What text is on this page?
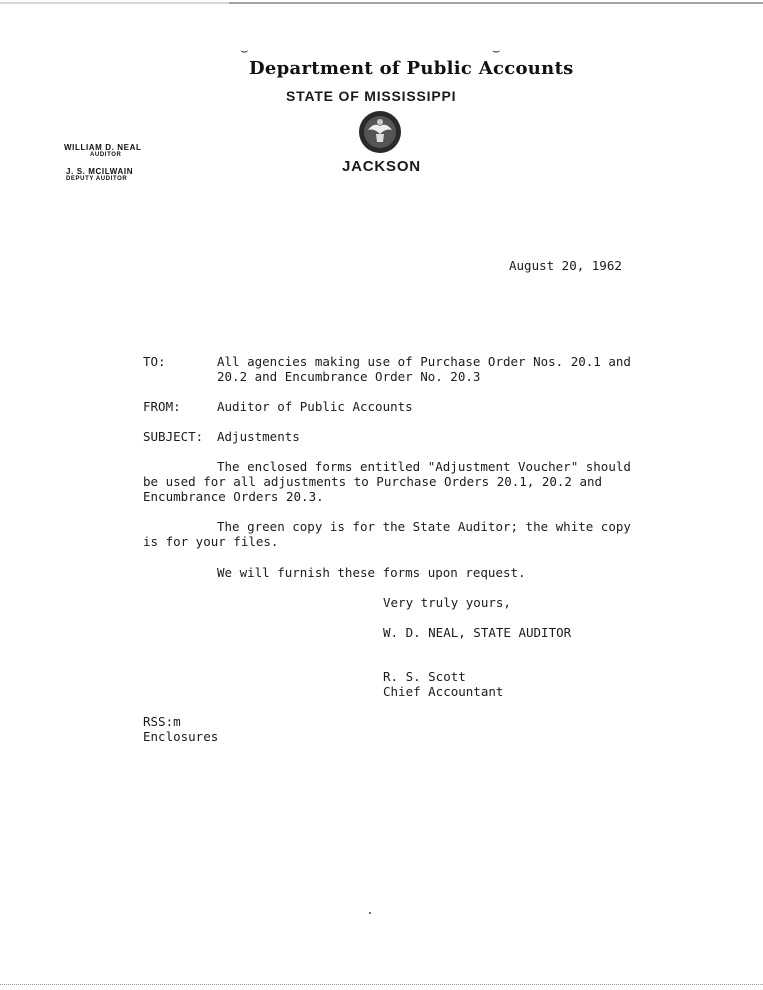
⌣	⌣
Department of Public Accounts
STATE OF MISSISSIPPI
JACKSON
WILLIAM D. NEAL
AUDITOR
J. S. MCILWAIN
DEPUTY AUDITOR
August 20, 1962
TO:	All agencies making use of Purchase Order Nos. 20.1 and
20.2 and Encumbrance Order No. 20.3
FROM:	Auditor of Public Accounts
SUBJECT: Adjustments
The enclosed forms entitled "Adjustment Voucher" should
be used for all adjustments to Purchase Orders 20.1, 20.2 and
Encumbrance Orders 20.3.
The green copy is for the State Auditor; the white copy
is for your files.
We will furnish these forms upon request.
Very truly yours,
W. D. NEAL, STATE AUDITOR
R. S. Scott
Chief Accountant
RSS:m
Enclosures
